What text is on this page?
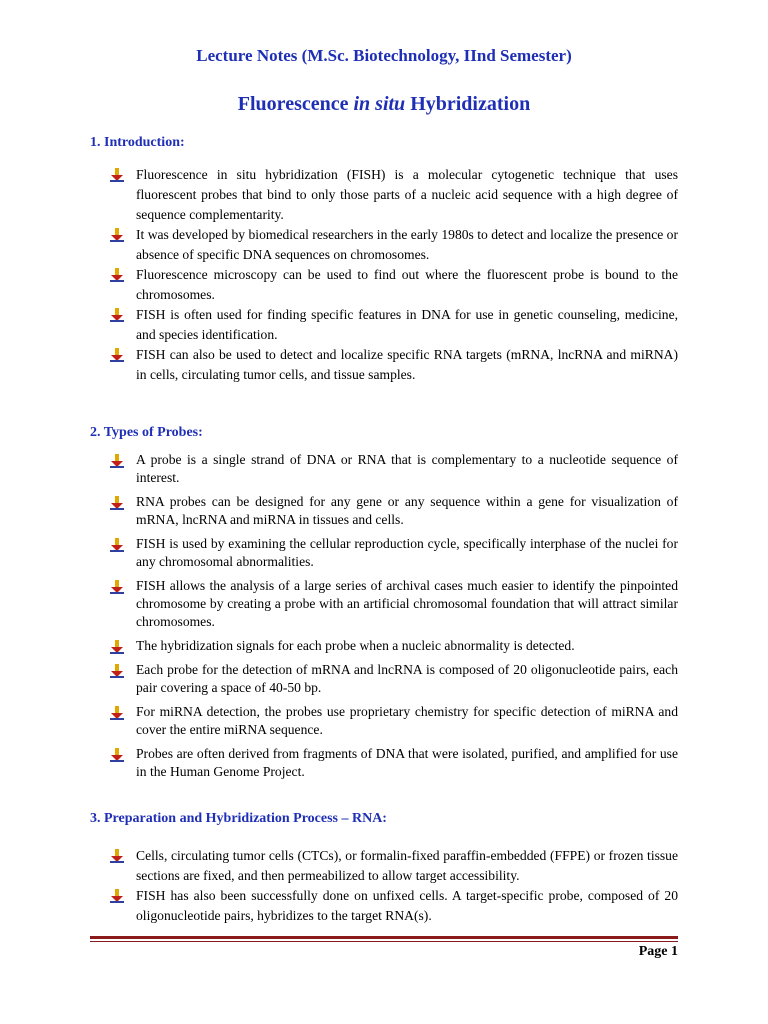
Lecture Notes (M.Sc. Biotechnology, IInd Semester)
Fluorescence in situ Hybridization
1. Introduction:
Fluorescence in situ hybridization (FISH) is a molecular cytogenetic technique that uses fluorescent probes that bind to only those parts of a nucleic acid sequence with a high degree of sequence complementarity.
It was developed by biomedical researchers in the early 1980s to detect and localize the presence or absence of specific DNA sequences on chromosomes.
Fluorescence microscopy can be used to find out where the fluorescent probe is bound to the chromosomes.
FISH is often used for finding specific features in DNA for use in genetic counseling, medicine, and species identification.
FISH can also be used to detect and localize specific RNA targets (mRNA, lncRNA and miRNA) in cells, circulating tumor cells, and tissue samples.
2. Types of Probes:
A probe is a single strand of DNA or RNA that is complementary to a nucleotide sequence of interest.
RNA probes can be designed for any gene or any sequence within a gene for visualization of mRNA, lncRNA and miRNA in tissues and cells.
FISH is used by examining the cellular reproduction cycle, specifically interphase of the nuclei for any chromosomal abnormalities.
FISH allows the analysis of a large series of archival cases much easier to identify the pinpointed chromosome by creating a probe with an artificial chromosomal foundation that will attract similar chromosomes.
The hybridization signals for each probe when a nucleic abnormality is detected.
Each probe for the detection of mRNA and lncRNA is composed of 20 oligonucleotide pairs, each pair covering a space of 40-50 bp.
For miRNA detection, the probes use proprietary chemistry for specific detection of miRNA and cover the entire miRNA sequence.
Probes are often derived from fragments of DNA that were isolated, purified, and amplified for use in the Human Genome Project.
3. Preparation and Hybridization Process – RNA:
Cells, circulating tumor cells (CTCs), or formalin-fixed paraffin-embedded (FFPE) or frozen tissue sections are fixed, and then permeabilized to allow target accessibility.
FISH has also been successfully done on unfixed cells. A target-specific probe, composed of 20 oligonucleotide pairs, hybridizes to the target RNA(s).
Page 1
